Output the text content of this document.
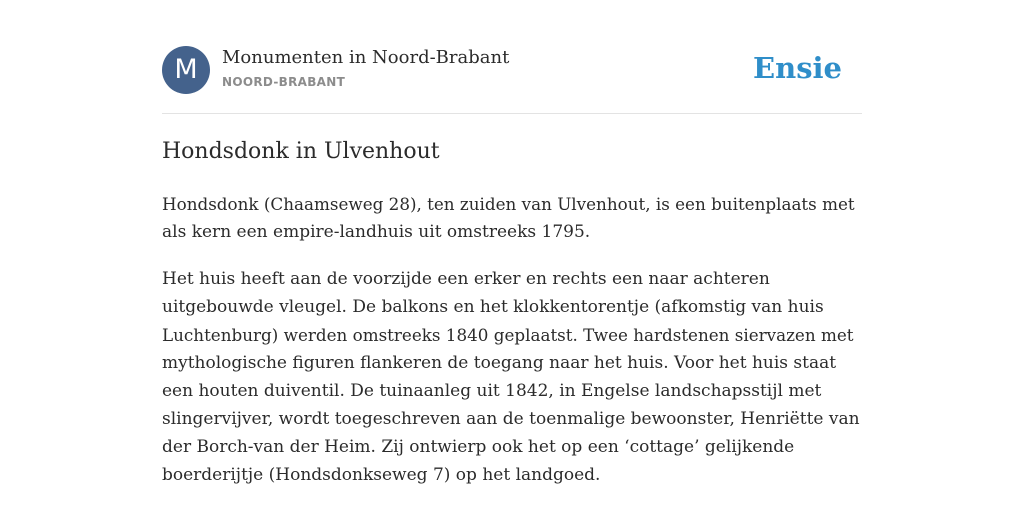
M	Monumenten in Noord-Brabant
NOORD-BRABANT	Ensie
Hondsdonk in Ulvenhout

Hondsdonk (Chaamseweg 28), ten zuiden van Ulvenhout, is een buitenplaats met
als kern een empire-landhuis uit omstreeks 1795.

Het huis heeft aan de voorzijde een erker en rechts een naar achteren
uitgebouwde vleugel. De balkons en het klokkentorentje (afkomstig van huis
Luchtenburg) werden omstreeks 1840 geplaatst. Twee hardstenen siervazen met
mythologische figuren flankeren de toegang naar het huis. Voor het huis staat
een houten duiventil. De tuinaanleg uit 1842, in Engelse landschapsstijl met
slingervijver, wordt toegeschreven aan de toenmalige bewoonster, Henriëtte van
der Borch-van der Heim. Zij ontwierp ook het op een ‘cottage’ gelijkende
boerderijtje (Hondsdonkseweg 7) op het landgoed.
